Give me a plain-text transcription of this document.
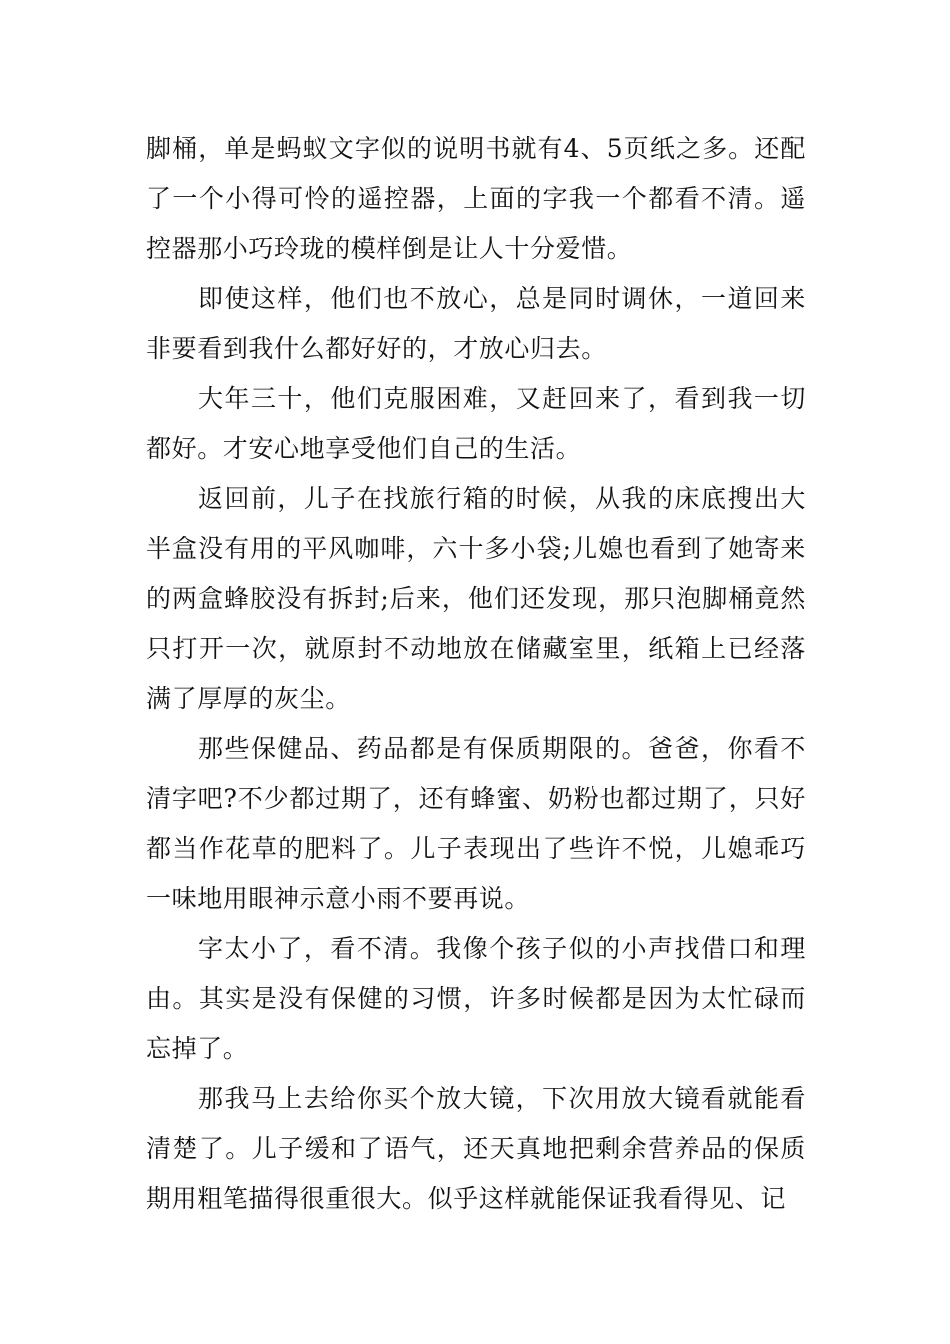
脚桶，单是蚂蚁文字似的说明书就有4、5页纸之多。还配了一个小得可怜的遥控器，上面的字我一个都看不清。遥控器那小巧玲珑的模样倒是让人十分爱惜。

即使这样，他们也不放心，总是同时调休，一道回来非要看到我什么都好好的，才放心归去。

大年三十，他们克服困难，又赶回来了，看到我一切都好。才安心地享受他们自己的生活。

返回前，儿子在找旅行箱的时候，从我的床底搜出大半盒没有用的平风咖啡，六十多小袋;儿媳也看到了她寄来的两盒蜂胶没有拆封;后来，他们还发现，那只泡脚桶竟然只打开一次，就原封不动地放在储藏室里，纸箱上已经落满了厚厚的灰尘。

那些保健品、药品都是有保质期限的。爸爸，你看不清字吧?不少都过期了，还有蜂蜜、奶粉也都过期了，只好都当作花草的肥料了。儿子表现出了些许不悦，儿媳乖巧一味地用眼神示意小雨不要再说。

字太小了，看不清。我像个孩子似的小声找借口和理由。其实是没有保健的习惯，许多时候都是因为太忙碌而忘掉了。

那我马上去给你买个放大镜，下次用放大镜看就能看清楚了。儿子缓和了语气，还天真地把剩余营养品的保质期用粗笔描得很重很大。似乎这样就能保证我看得见、记
